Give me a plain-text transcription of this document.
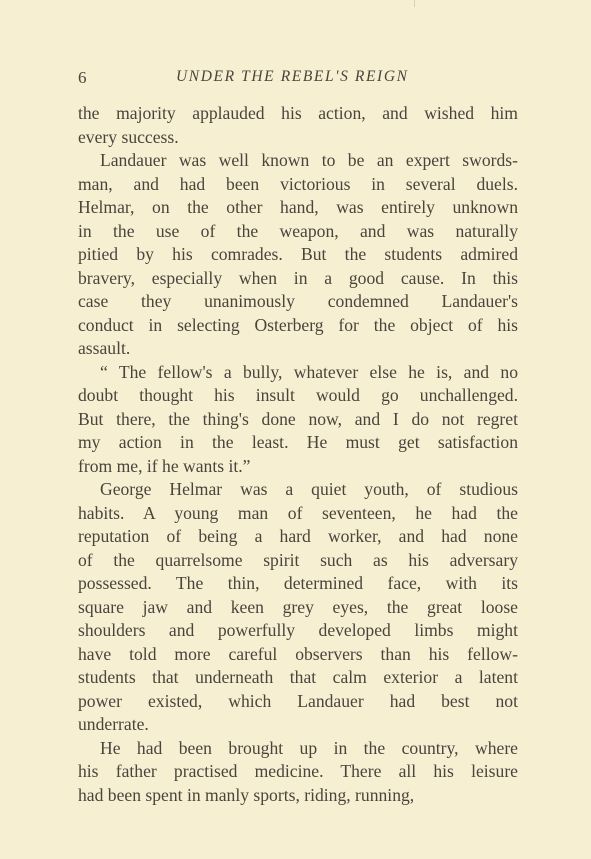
6	UNDER THE REBEL'S REIGN
the majority applauded his action, and wished him
every success.
Landauer was well known to be an expert swords-
man, and had been victorious in several duels.
Helmar, on the other hand, was entirely unknown
in the use of the weapon, and was naturally
pitied by his comrades. But the students admired
bravery, especially when in a good cause. In this
case they unanimously condemned Landauer's
conduct in selecting Osterberg for the object of his
assault.
“ The fellow's a bully, whatever else he is, and no
doubt thought his insult would go unchallenged.
But there, the thing's done now, and I do not regret
my action in the least. He must get satisfaction
from me, if he wants it.”
George Helmar was a quiet youth, of studious
habits. A young man of seventeen, he had the
reputation of being a hard worker, and had none
of the quarrelsome spirit such as his adversary
possessed. The thin, determined face, with its
square jaw and keen grey eyes, the great loose
shoulders and powerfully developed limbs might
have told more careful observers than his fellow-
students that underneath that calm exterior a latent
power existed, which Landauer had best not
underrate.
He had been brought up in the country, where
his father practised medicine. There all his leisure
had been spent in manly sports, riding, running,
